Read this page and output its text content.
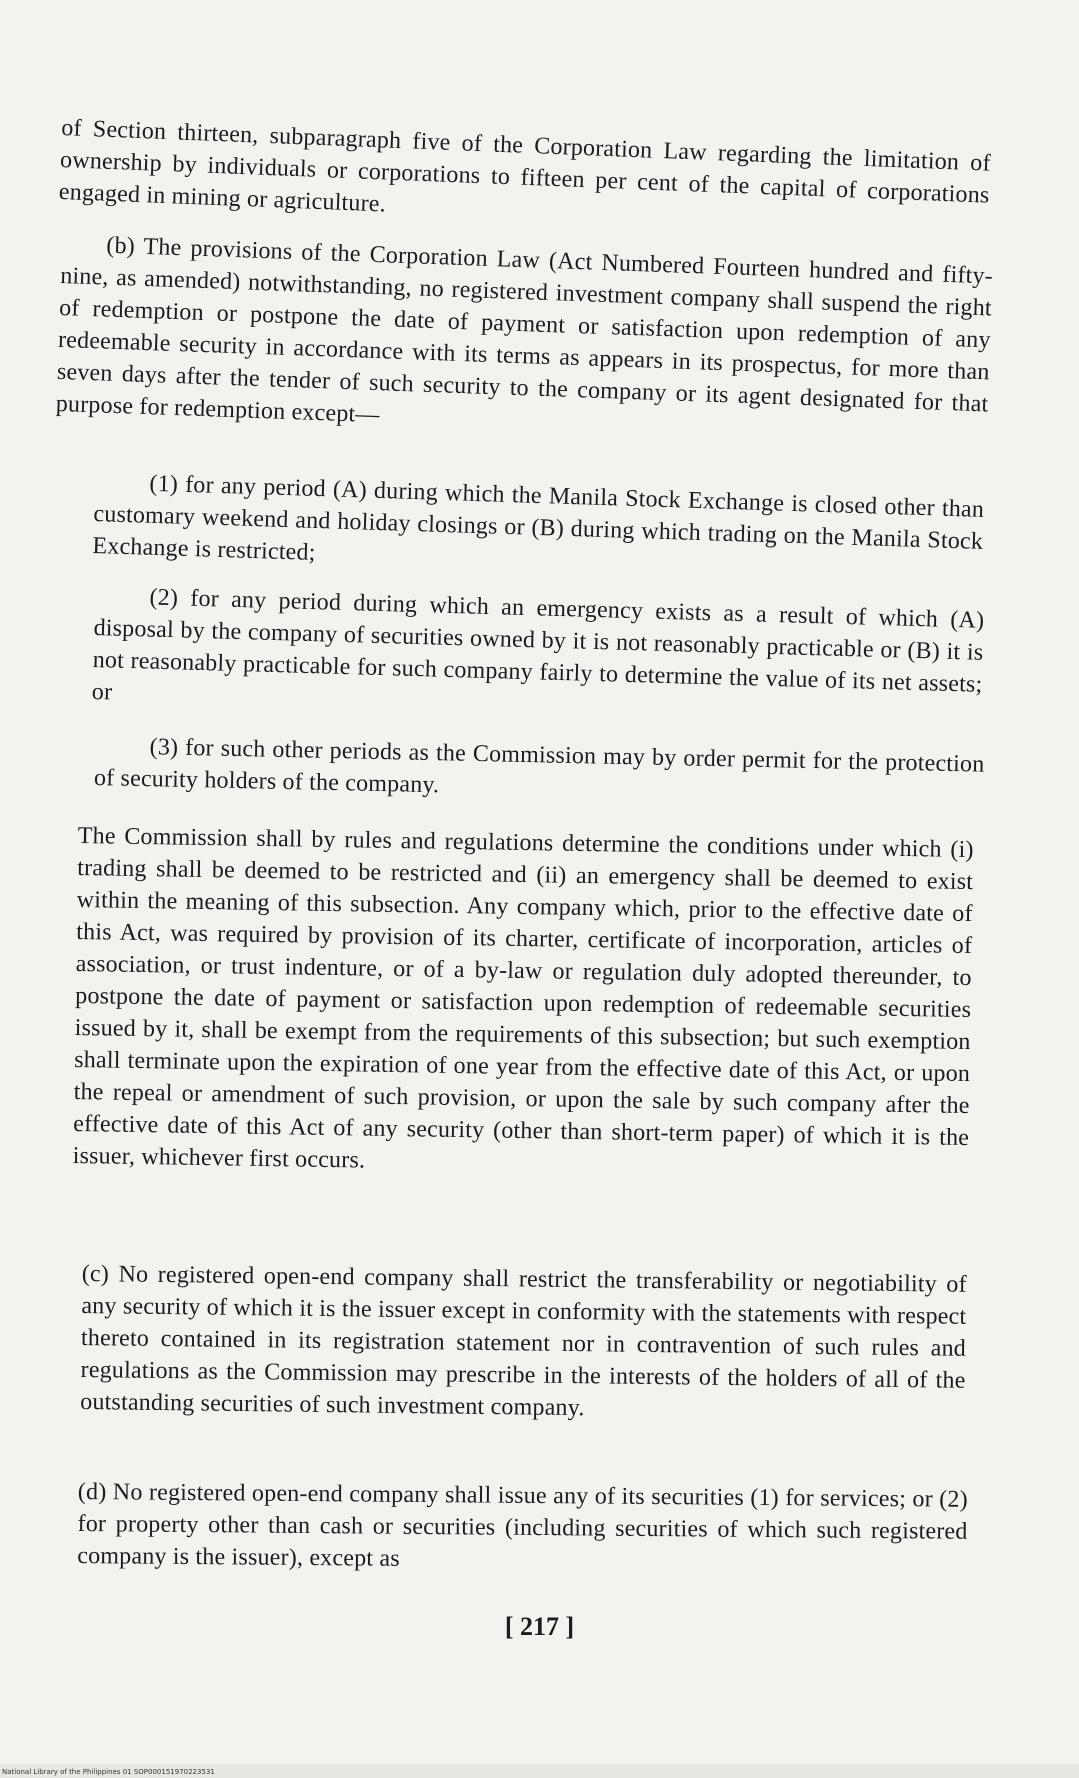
of Section thirteen, subparagraph five of the Corporation Law regarding the limitation of ownership by individuals or corporations to fifteen per cent of the capital of corporations engaged in mining or agriculture.

(b) The provisions of the Corporation Law (Act Numbered Fourteen hundred and fifty-nine, as amended) notwithstanding, no registered investment company shall suspend the right of redemption or postpone the date of payment or satisfaction upon redemption of any redeemable security in accordance with its terms as appears in its prospectus, for more than seven days after the tender of such security to the company or its agent designated for that purpose for redemption except—

(1) for any period (A) during which the Manila Stock Exchange is closed other than customary weekend and holiday closings or (B) during which trading on the Manila Stock Exchange is restricted;

(2) for any period during which an emergency exists as a result of which (A) disposal by the company of securities owned by it is not reasonably practicable or (B) it is not reasonably practicable for such company fairly to determine the value of its net assets; or

(3) for such other periods as the Commission may by order permit for the protection of security holders of the company.

The Commission shall by rules and regulations determine the conditions under which (i) trading shall be deemed to be restricted and (ii) an emergency shall be deemed to exist within the meaning of this subsection. Any company which, prior to the effective date of this Act, was required by provision of its charter, certificate of incorporation, articles of association, or trust indenture, or of a by-law or regulation duly adopted thereunder, to postpone the date of payment or satisfaction upon redemption of redeemable securities issued by it, shall be exempt from the requirements of this subsection; but such exemption shall terminate upon the expiration of one year from the effective date of this Act, or upon the repeal or amendment of such provision, or upon the sale by such company after the effective date of this Act of any security (other than short-term paper) of which it is the issuer, whichever first occurs.

(c) No registered open-end company shall restrict the transferability or negotiability of any security of which it is the issuer except in conformity with the statements with respect thereto contained in its registration statement nor in contravention of such rules and regulations as the Commission may prescribe in the interests of the holders of all of the outstanding securities of such investment company.

(d) No registered open-end company shall issue any of its securities (1) for services; or (2) for property other than cash or securities (including securities of which such registered company is the issuer), except as

[ 217 ]
National Library of the Philippines 01 SOP000151970223531
